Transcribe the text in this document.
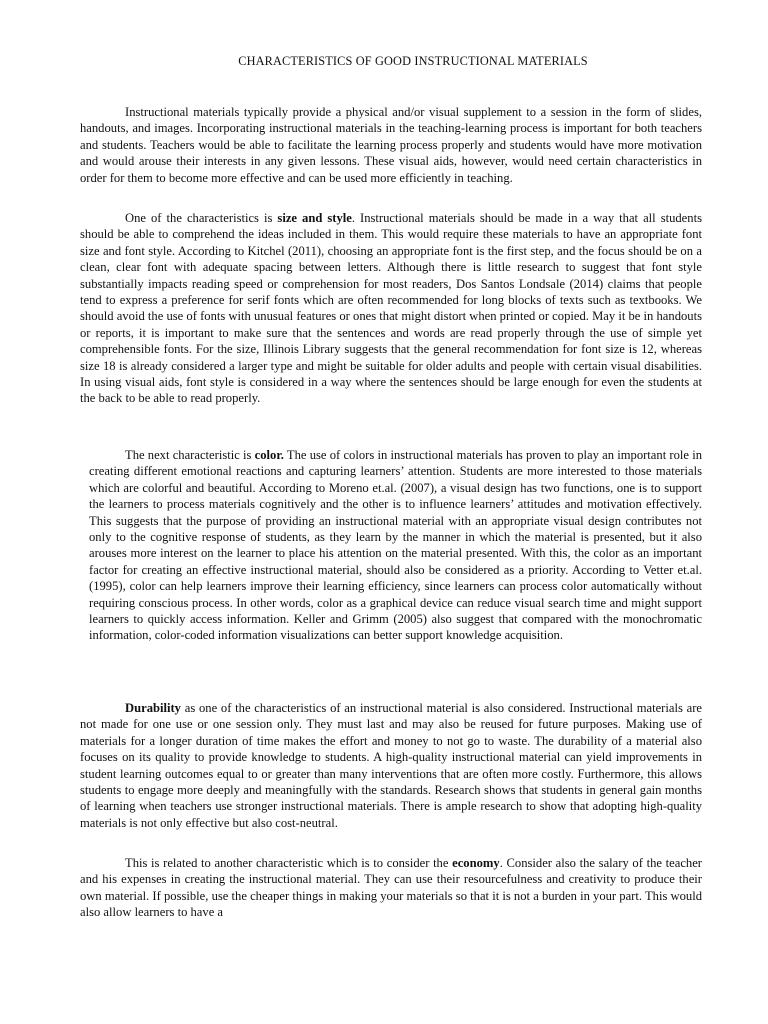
CHARACTERISTICS OF GOOD INSTRUCTIONAL MATERIALS

Instructional materials typically provide a physical and/or visual supplement to a session in the form of slides, handouts, and images. Incorporating instructional materials in the teaching-learning process is important for both teachers and students. Teachers would be able to facilitate the learning process properly and students would have more motivation and would arouse their interests in any given lessons. These visual aids, however, would need certain characteristics in order for them to become more effective and can be used more efficiently in teaching.

One of the characteristics is size and style. Instructional materials should be made in a way that all students should be able to comprehend the ideas included in them. This would require these materials to have an appropriate font size and font style. According to Kitchel (2011), choosing an appropriate font is the first step, and the focus should be on a clean, clear font with adequate spacing between letters. Although there is little research to suggest that font style substantially impacts reading speed or comprehension for most readers, Dos Santos Londsale (2014) claims that people tend to express a preference for serif fonts which are often recommended for long blocks of texts such as textbooks. We should avoid the use of fonts with unusual features or ones that might distort when printed or copied. May it be in handouts or reports, it is important to make sure that the sentences and words are read properly through the use of simple yet comprehensible fonts. For the size, Illinois Library suggests that the general recommendation for font size is 12, whereas size 18 is already considered a larger type and might be suitable for older adults and people with certain visual disabilities. In using visual aids, font style is considered in a way where the sentences should be large enough for even the students at the back to be able to read properly.

The next characteristic is color. The use of colors in instructional materials has proven to play an important role in creating different emotional reactions and capturing learners’ attention. Students are more interested to those materials which are colorful and beautiful. According to Moreno et.al. (2007), a visual design has two functions, one is to support the learners to process materials cognitively and the other is to influence learners’ attitudes and motivation effectively. This suggests that the purpose of providing an instructional material with an appropriate visual design contributes not only to the cognitive response of students, as they learn by the manner in which the material is presented, but it also arouses more interest on the learner to place his attention on the material presented. With this, the color as an important factor for creating an effective instructional material, should also be considered as a priority. According to Vetter et.al. (1995), color can help learners improve their learning efficiency, since learners can process color automatically without requiring conscious process. In other words, color as a graphical device can reduce visual search time and might support learners to quickly access information. Keller and Grimm (2005) also suggest that compared with the monochromatic information, color-coded information visualizations can better support knowledge acquisition.

Durability as one of the characteristics of an instructional material is also considered. Instructional materials are not made for one use or one session only. They must last and may also be reused for future purposes. Making use of materials for a longer duration of time makes the effort and money to not go to waste. The durability of a material also focuses on its quality to provide knowledge to students. A high-quality instructional material can yield improvements in student learning outcomes equal to or greater than many interventions that are often more costly. Furthermore, this allows students to engage more deeply and meaningfully with the standards. Research shows that students in general gain months of learning when teachers use stronger instructional materials. There is ample research to show that adopting high-quality materials is not only effective but also cost-neutral.

This is related to another characteristic which is to consider the economy. Consider also the salary of the teacher and his expenses in creating the instructional material. They can use their resourcefulness and creativity to produce their own material. If possible, use the cheaper things in making your materials so that it is not a burden in your part. This would also allow learners to have a
